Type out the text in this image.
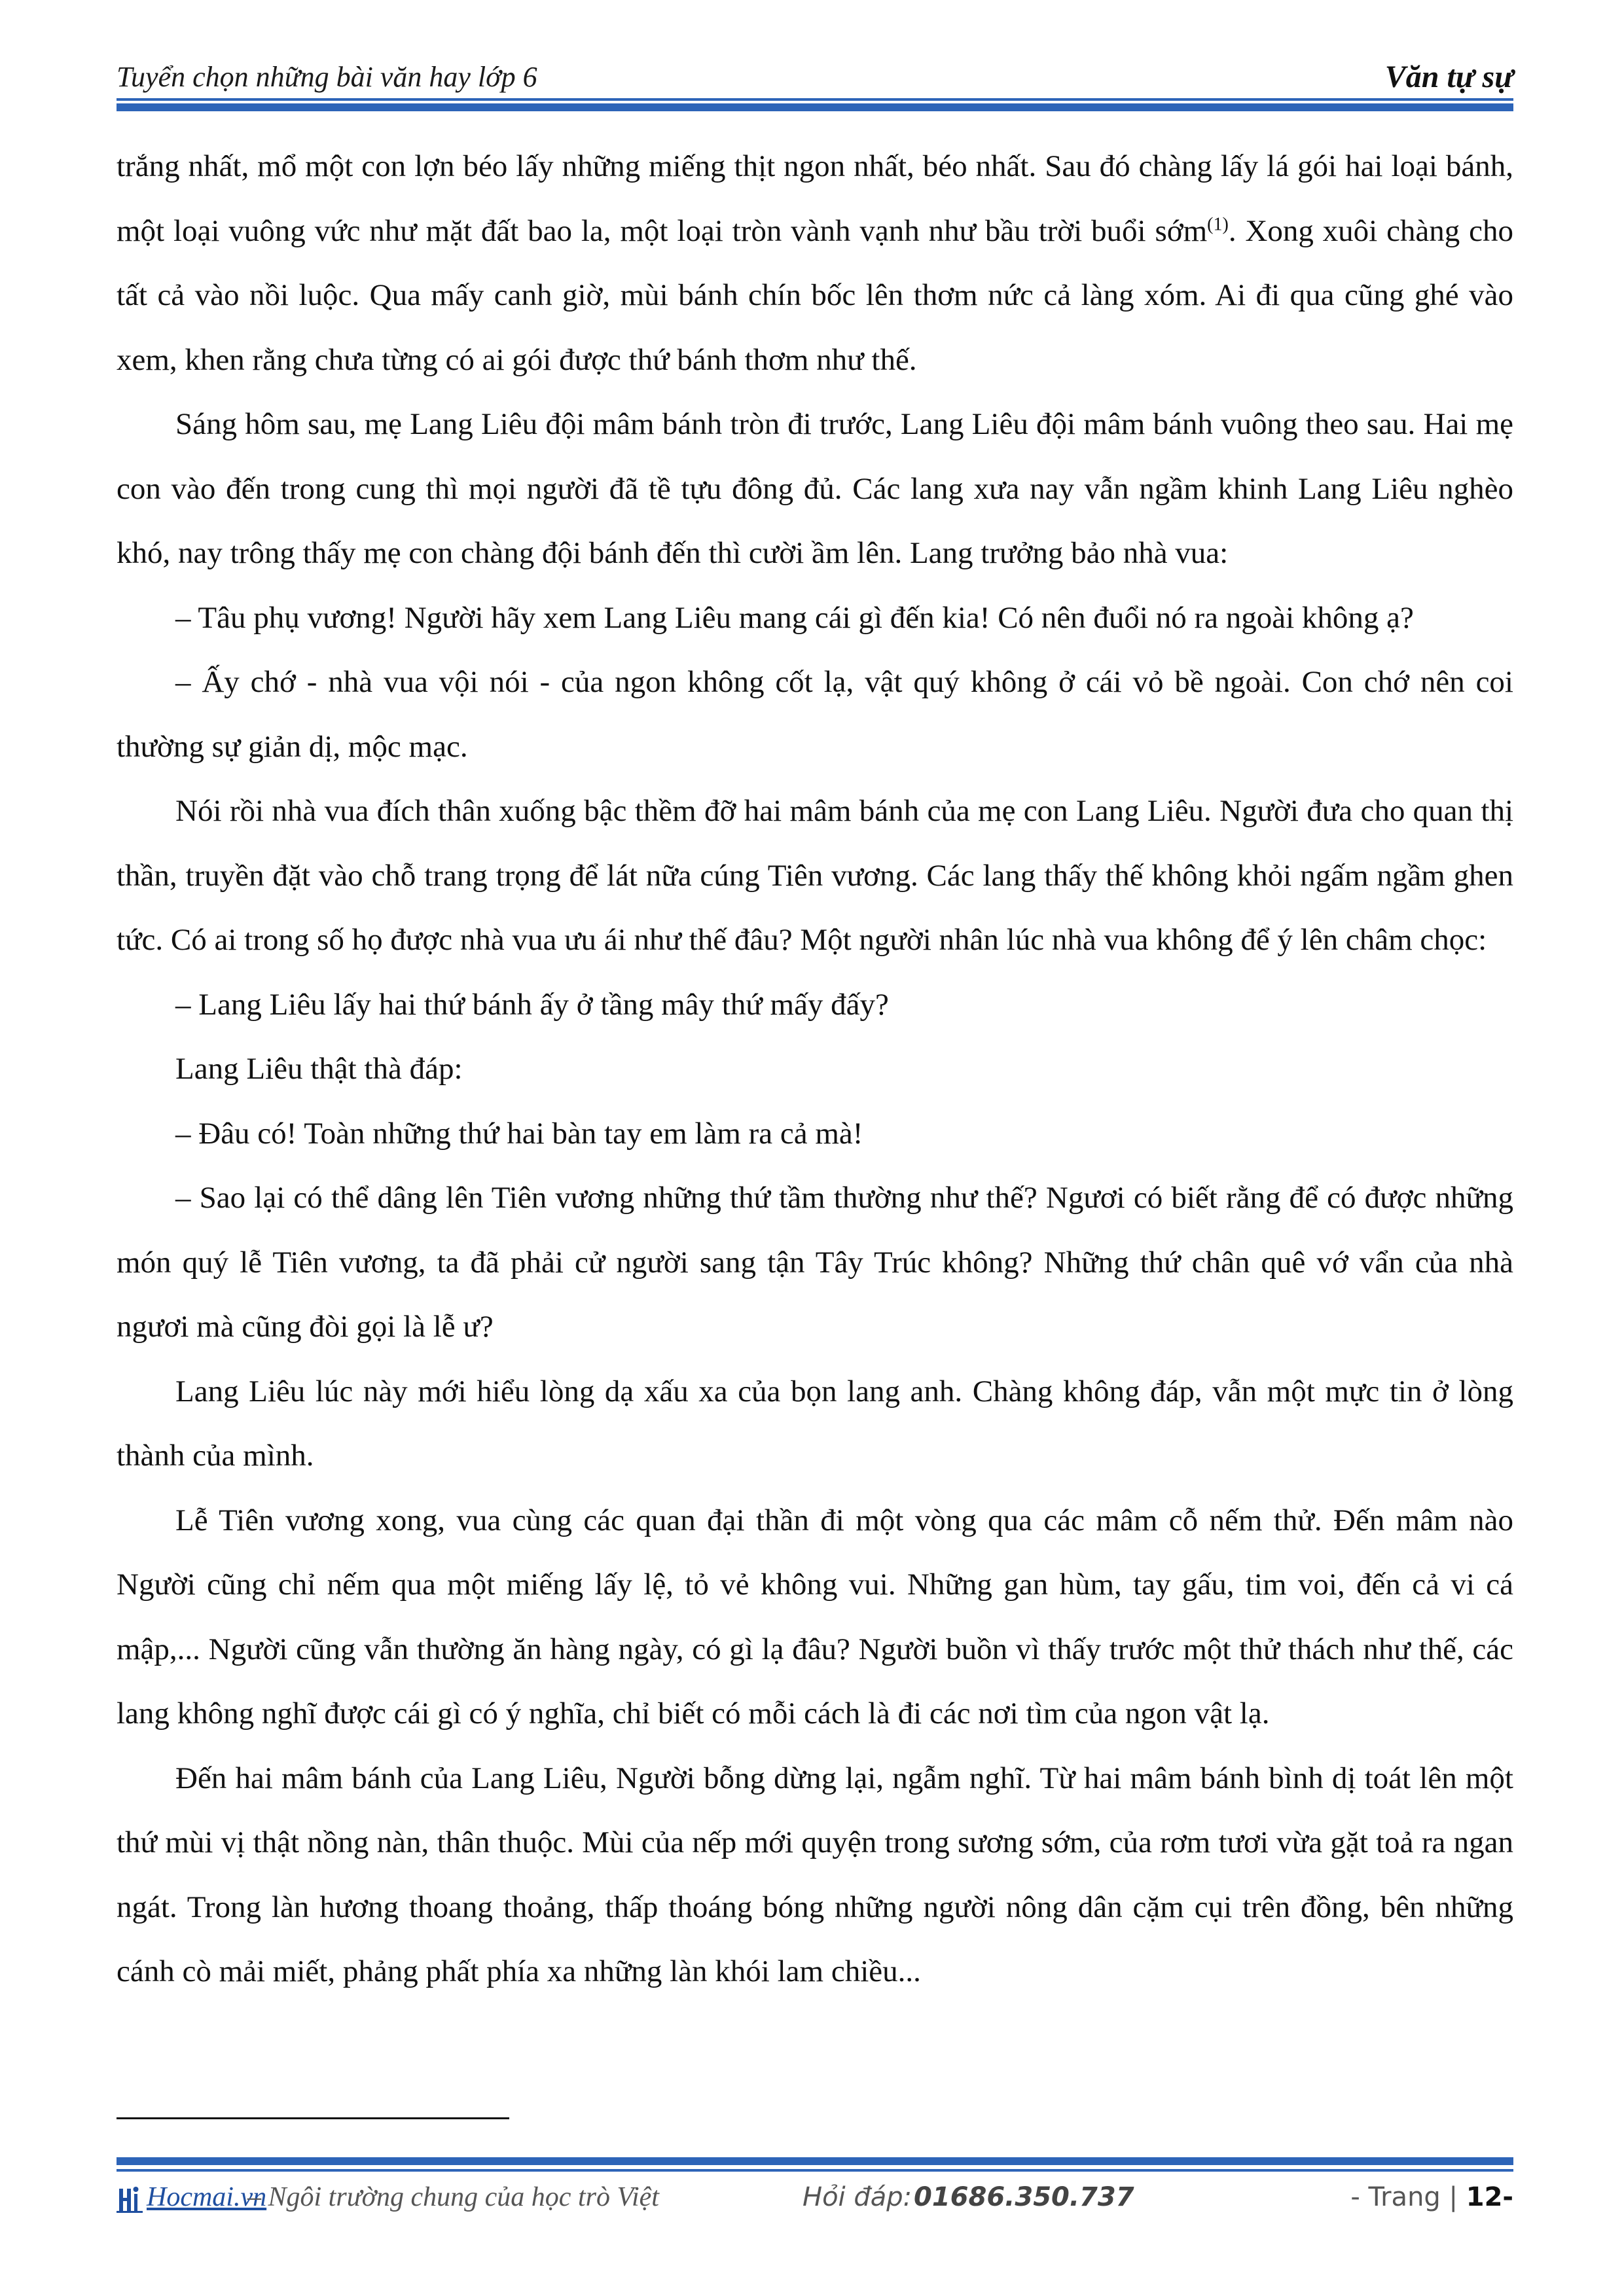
Tuyển chọn những bài văn hay lớp 6	Văn tự sự

trắng nhất, mổ một con lợn béo lấy những miếng thịt ngon nhất, béo nhất. Sau đó chàng lấy lá gói hai loại bánh, một loại vuông vức như mặt đất bao la, một loại tròn vành vạnh như bầu trời buổi sớm$^{(1)}$. Xong xuôi chàng cho tất cả vào nồi luộc. Qua mấy canh giờ, mùi bánh chín bốc lên thơm nức cả làng xóm. Ai đi qua cũng ghé vào xem, khen rằng chưa từng có ai gói được thứ bánh thơm như thế.

Sáng hôm sau, mẹ Lang Liêu đội mâm bánh tròn đi trước, Lang Liêu đội mâm bánh vuông theo sau. Hai mẹ con vào đến trong cung thì mọi người đã tề tựu đông đủ. Các lang xưa nay vẫn ngầm khinh Lang Liêu nghèo khó, nay trông thấy mẹ con chàng đội bánh đến thì cười ầm lên. Lang trưởng bảo nhà vua:

– Tâu phụ vương! Người hãy xem Lang Liêu mang cái gì đến kia! Có nên đuổi nó ra ngoài không ạ?

– Ấy chớ - nhà vua vội nói - của ngon không cốt lạ, vật quý không ở cái vỏ bề ngoài. Con chớ nên coi thường sự giản dị, mộc mạc.

Nói rồi nhà vua đích thân xuống bậc thềm đỡ hai mâm bánh của mẹ con Lang Liêu. Người đưa cho quan thị thần, truyền đặt vào chỗ trang trọng để lát nữa cúng Tiên vương. Các lang thấy thế không khỏi ngấm ngầm ghen tức. Có ai trong số họ được nhà vua ưu ái như thế đâu? Một người nhân lúc nhà vua không để ý lên châm chọc:

– Lang Liêu lấy hai thứ bánh ấy ở tầng mây thứ mấy đấy?

Lang Liêu thật thà đáp:

– Đâu có! Toàn những thứ hai bàn tay em làm ra cả mà!

– Sao lại có thể dâng lên Tiên vương những thứ tầm thường như thế? Ngươi có biết rằng để có được những món quý lễ Tiên vương, ta đã phải cử người sang tận Tây Trúc không? Những thứ chân quê vớ vẩn của nhà ngươi mà cũng đòi gọi là lễ ư?

Lang Liêu lúc này mới hiểu lòng dạ xấu xa của bọn lang anh. Chàng không đáp, vẫn một mực tin ở lòng thành của mình.

Lễ Tiên vương xong, vua cùng các quan đại thần đi một vòng qua các mâm cỗ nếm thử. Đến mâm nào Người cũng chỉ nếm qua một miếng lấy lệ, tỏ vẻ không vui. Những gan hùm, tay gấu, tim voi, đến cả vi cá mập,... Người cũng vẫn thường ăn hàng ngày, có gì lạ đâu? Người buồn vì thấy trước một thử thách như thế, các lang không nghĩ được cái gì có ý nghĩa, chỉ biết có mỗi cách là đi các nơi tìm của ngon vật lạ.

Đến hai mâm bánh của Lang Liêu, Người bỗng dừng lại, ngẫm nghĩ. Từ hai mâm bánh bình dị toát lên một thứ mùi vị thật nồng nàn, thân thuộc. Mùi của nếp mới quyện trong sương sớm, của rơm tươi vừa gặt toả ra ngan ngát. Trong làn hương thoang thoảng, thấp thoáng bóng những người nông dân cặm cụi trên đồng, bên những cánh cò mải miết, phảng phất phía xa những làn khói lam chiều...

Hocmai.vn
– Ngôi trường chung của học trò Việt	Hỏi đáp: 01686.350.737	- Trang | 12-
